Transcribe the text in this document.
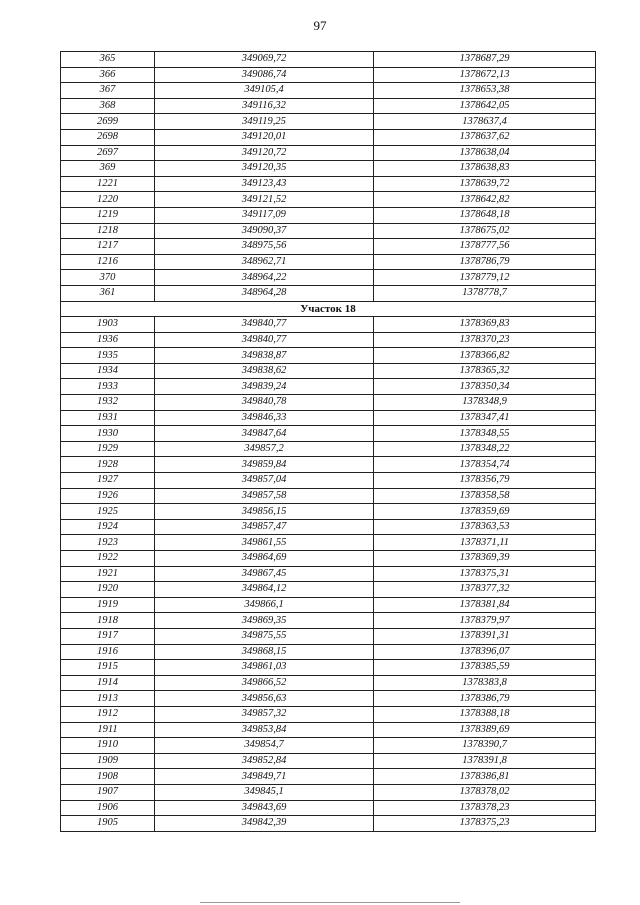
97
365	349069,72	1378687,29
366	349086,74	1378672,13
367	349105,4	1378653,38
368	349116,32	1378642,05
2699	349119,25	1378637,4
2698	349120,01	1378637,62
2697	349120,72	1378638,04
369	349120,35	1378638,83
1221	349123,43	1378639,72
1220	349121,52	1378642,82
1219	349117,09	1378648,18
1218	349090,37	1378675,02
1217	348975,56	1378777,56
1216	348962,71	1378786,79
370	348964,22	1378779,12
361	348964,28	1378778,7
Участок 18		
1903	349840,77	1378369,83
1936	349840,77	1378370,23
1935	349838,87	1378366,82
1934	349838,62	1378365,32
1933	349839,24	1378350,34
1932	349840,78	1378348,9
1931	349846,33	1378347,41
1930	349847,64	1378348,55
1929	349857,2	1378348,22
1928	349859,84	1378354,74
1927	349857,04	1378356,79
1926	349857,58	1378358,58
1925	349856,15	1378359,69
1924	349857,47	1378363,53
1923	349861,55	1378371,11
1922	349864,69	1378369,39
1921	349867,45	1378375,31
1920	349864,12	1378377,32
1919	349866,1	1378381,84
1918	349869,35	1378379,97
1917	349875,55	1378391,31
1916	349868,15	1378396,07
1915	349861,03	1378385,59
1914	349866,52	1378383,8
1913	349856,63	1378386,79
1912	349857,32	1378388,18
1911	349853,84	1378389,69
1910	349854,7	1378390,7
1909	349852,84	1378391,8
1908	349849,71	1378386,81
1907	349845,1	1378378,02
1906	349843,69	1378378,23
1905	349842,39	1378375,23
